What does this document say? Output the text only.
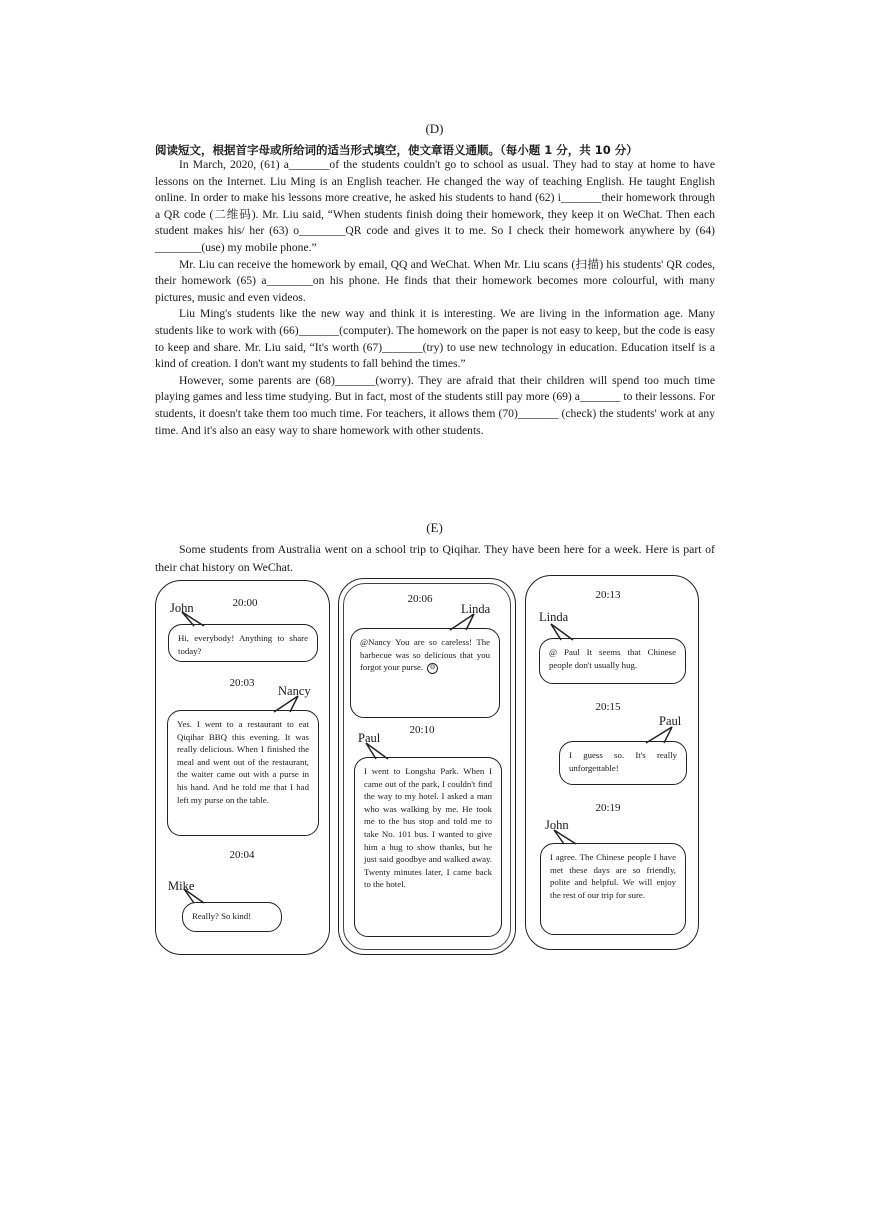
(D)
阅读短文，根据首字母或所给词的适当形式填空，使文章语义通顺。（每小题 1 分，共 10 分）

In March, 2020, (61) a_______of the students couldn't go to school as usual. They had to stay at home to have lessons on the Internet. Liu Ming is an English teacher. He changed the way of teaching English. He taught English online. In order to make his lessons more creative, he asked his students to hand (62) i_______their homework through a QR code (二维码). Mr. Liu said, “When students finish doing their homework, they keep it on WeChat. Then each student makes his/ her (63) o________QR code and gives it to me. So I check their homework anywhere by (64) ________(use) my mobile phone.”

Mr. Liu can receive the homework by email, QQ and WeChat. When Mr. Liu scans (扫描) his students' QR codes, their homework (65) a________on his phone. He finds that their homework becomes more colourful, with many pictures, music and even videos.

Liu Ming's students like the new way and think it is interesting. We are living in the information age. Many students like to work with (66)_______(computer). The homework on the paper is not easy to keep, but the code is easy to keep and share. Mr. Liu said, “It's worth (67)_______(try) to use new technology in education. Education itself is a kind of creation. I don't want my students to fall behind the times.”

However, some parents are (68)_______(worry). They are afraid that their children will spend too much time playing games and less time studying. But in fact, most of the students still pay more (69) a_______ to their lessons. For students, it doesn't take them too much time. For teachers, it allows them (70)_______ (check) the students' work at any time. And it's also an easy way to share homework with other students.

(E)

Some students from Australia went on a school trip to Qiqihar. They have been here for a week. Here is part of their chat history on WeChat.

20:00
John
Hi, everybody! Anything to share today?
20:03
Nancy
Yes. I went to a restaurant to eat Qiqihar BBQ this evening. It was really delicious. When I finished the meal and went out of the restaurant, the waiter came out with a purse in his hand. And he told me that I had left my purse on the table.
20:04
Mike
Really? So kind!
20:06
Linda
@Nancy You are so careless! The barbecue was so delicious that you forgot your purse. ☹
20:10
Paul
I went to Longsha Park. When I came out of the park, I couldn't find the way to my hotel. I asked a man who was walking by me. He took me to the bus stop and told me to take No. 101 bus. I wanted to give him a hug to show thanks, but he just said goodbye and walked away. Twenty minutes later, I came back to the hotel.
20:13
Linda
@ Paul It seems that Chinese people don't usually hug.
20:15
Paul
I guess so. It's really unforgettable!
20:19
John
I agree. The Chinese people I have met these days are so friendly, polite and helpful. We will enjoy the rest of our trip for sure.
